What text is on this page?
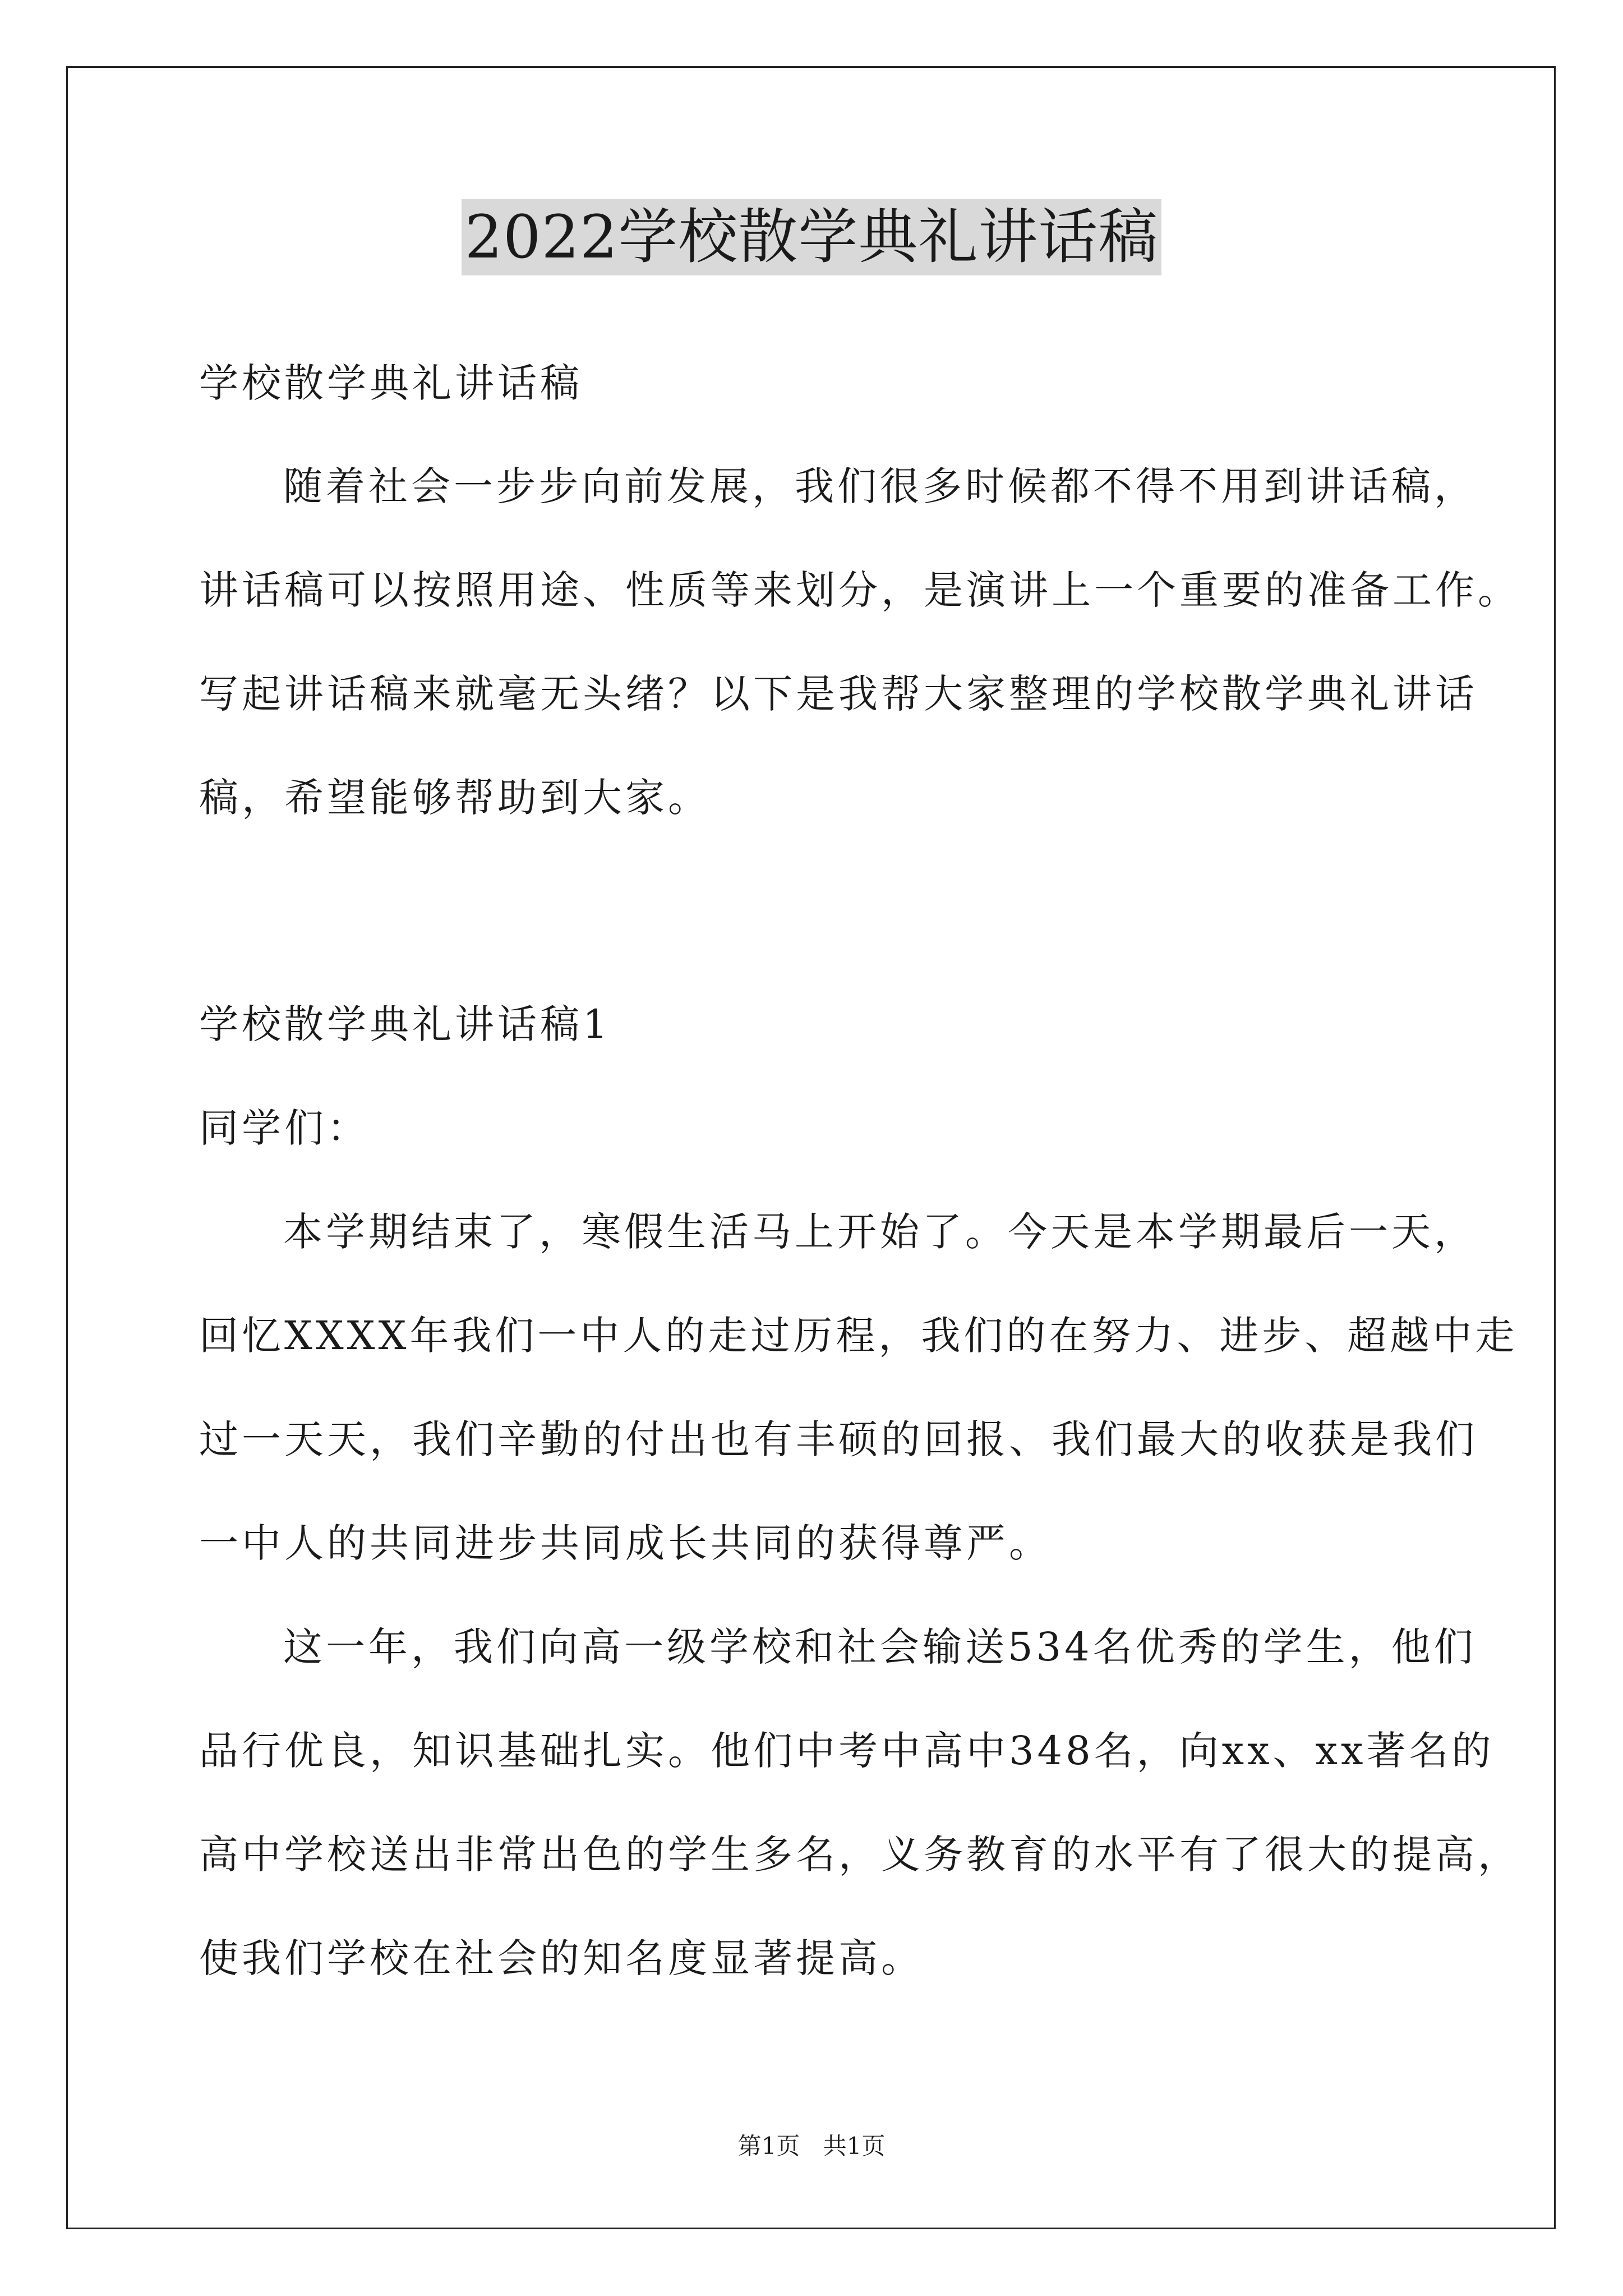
2022学校散学典礼讲话稿
学校散学典礼讲话稿
随着社会一步步向前发展，我们很多时候都不得不用到讲话稿，
讲话稿可以按照用途、性质等来划分，是演讲上一个重要的准备工作。
写起讲话稿来就毫无头绪？以下是我帮大家整理的学校散学典礼讲话
稿，希望能够帮助到大家。
学校散学典礼讲话稿1
同学们：
本学期结束了，寒假生活马上开始了。今天是本学期最后一天，
回忆XXXX年我们一中人的走过历程，我们的在努力、进步、超越中走
过一天天，我们辛勤的付出也有丰硕的回报、我们最大的收获是我们
一中人的共同进步共同成长共同的获得尊严。
这一年，我们向高一级学校和社会输送534名优秀的学生，他们
品行优良，知识基础扎实。他们中考中高中348名，向xx、xx著名的
高中学校送出非常出色的学生多名，义务教育的水平有了很大的提高，
使我们学校在社会的知名度显著提高。
第1页 共1页
